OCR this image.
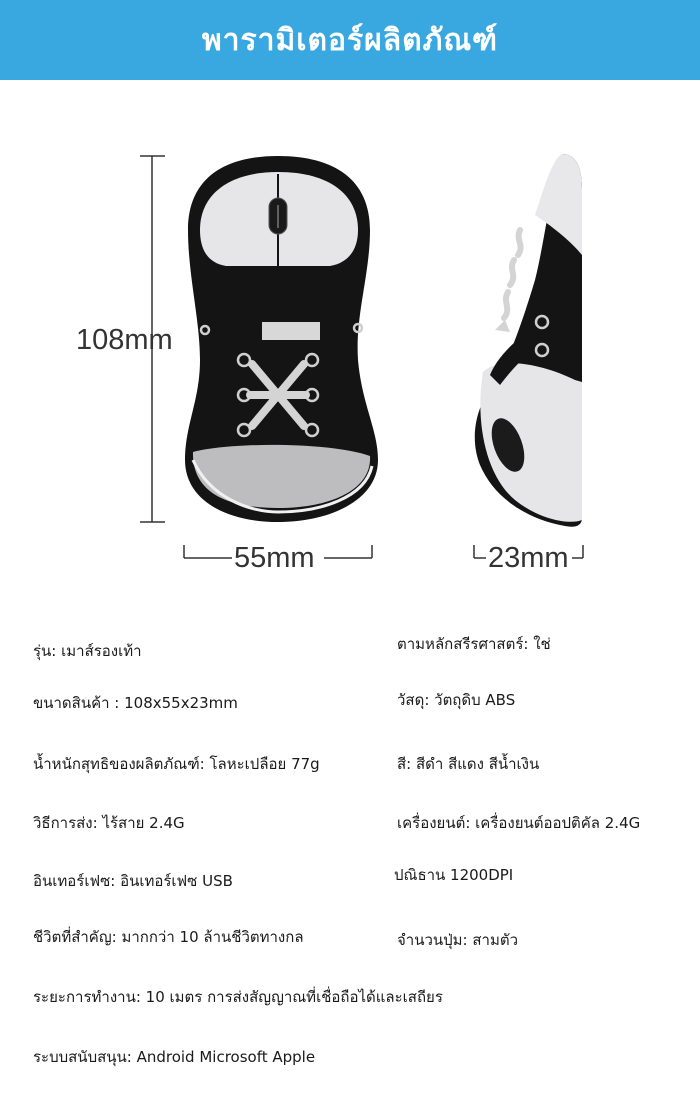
พารามิเตอร์ผลิตภัณฑ์
108mm
55mm	23mm
รุ่น: เมาส์รองเท้า	ตามหลักสรีรศาสตร์: ใช่
ขนาดสินค้า : 108x55x23mm	วัสดุ: วัตถุดิบ ABS
น้ำหนักสุทธิของผลิตภัณฑ์: โลหะเปลือย 77g	สี: สีดำ สีแดง สีน้ำเงิน
วิธีการส่ง: ไร้สาย 2.4G	เครื่องยนต์: เครื่องยนต์ออปติคัล 2.4G
อินเทอร์เฟซ: อินเทอร์เฟซ USB	ปณิธาน 1200DPI
ชีวิตที่สำคัญ: มากกว่า 10 ล้านชีวิตทางกล	จำนวนปุ่ม: สามตัว
ระยะการทำงาน: 10 เมตร การส่งสัญญาณที่เชื่อถือได้และเสถียร
ระบบสนับสนุน: Android Microsoft Apple
